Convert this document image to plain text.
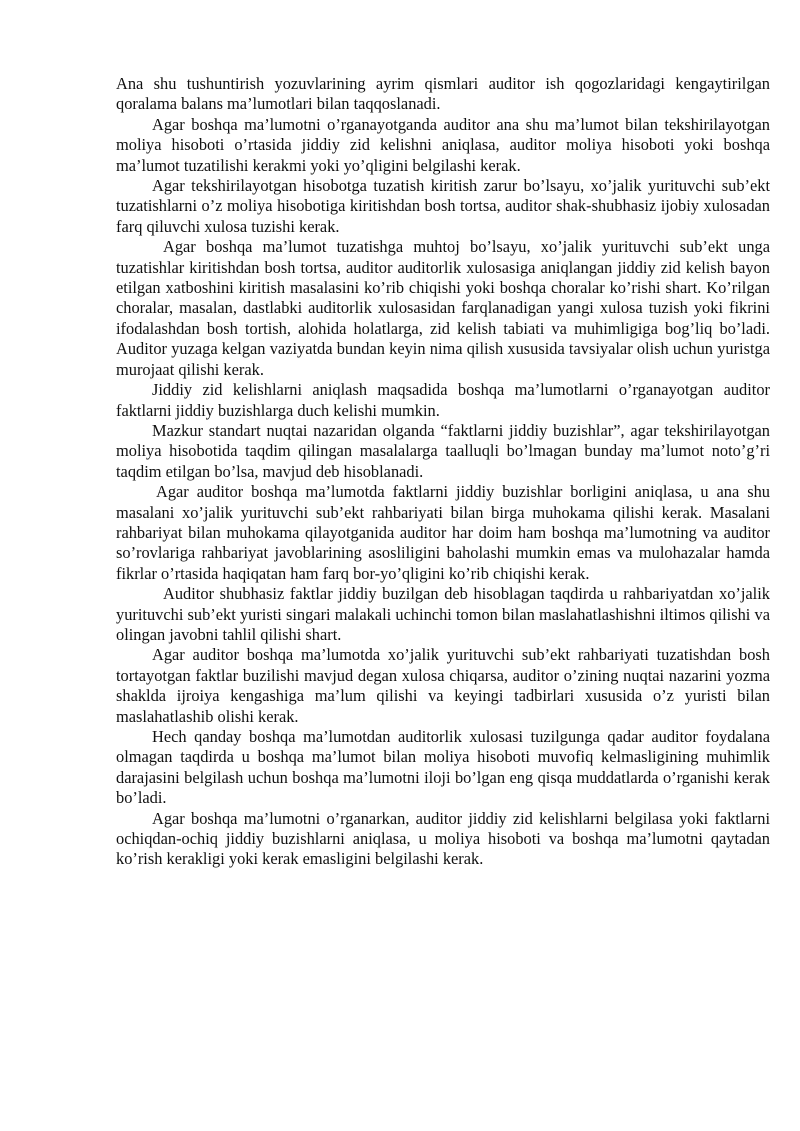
Ana shu tushuntirish yozuvlarining ayrim qismlari auditor ish qogozlaridagi kengaytirilgan qoralama balans ma’lumotlari bilan taqqoslanadi.

Agar boshqa ma’lumotni o’rganayotganda auditor ana shu ma’lumot bilan tekshirilayotgan moliya hisoboti o’rtasida jiddiy zid kelishni aniqlasa, auditor moliya hisoboti yoki boshqa ma’lumot tuzatilishi kerakmi yoki yo’qligini belgilashi kerak.

Agar tekshirilayotgan hisobotga tuzatish kiritish zarur bo’lsayu, xo’jalik yurituvchi sub’ekt tuzatishlarni o’z moliya hisobotiga kiritishdan bosh tortsa, auditor shak-shubhasiz ijobiy xulosadan farq qiluvchi xulosa tuzishi kerak.

Agar boshqa ma’lumot tuzatishga muhtoj bo’lsayu, xo’jalik yurituvchi sub’ekt unga tuzatishlar kiritishdan bosh tortsa, auditor auditorlik xulosasiga aniqlangan jiddiy zid kelish bayon etilgan xatboshini kiritish masalasini ko’rib chiqishi yoki boshqa choralar ko’rishi shart. Ko’rilgan choralar, masalan, dastlabki auditorlik xulosasidan farqlanadigan yangi xulosa tuzish yoki fikrini ifodalashdan bosh tortish, alohida holatlarga, zid kelish tabiati va muhimligiga bog’liq bo’ladi. Auditor yuzaga kelgan vaziyatda bundan keyin nima qilish xususida tavsiyalar olish uchun yuristga murojaat qilishi kerak.

Jiddiy zid kelishlarni aniqlash maqsadida boshqa ma’lumotlarni o’rganayotgan auditor faktlarni jiddiy buzishlarga duch kelishi mumkin.

Mazkur standart nuqtai nazaridan olganda “faktlarni jiddiy buzishlar”, agar tekshirilayotgan moliya hisobotida taqdim qilingan masalalarga taalluqli bo’lmagan bunday ma’lumot noto’g’ri taqdim etilgan bo’lsa, mavjud deb hisoblanadi.

Agar auditor boshqa ma’lumotda faktlarni jiddiy buzishlar borligini aniqlasa, u ana shu masalani xo’jalik yurituvchi sub’ekt rahbariyati bilan birga muhokama qilishi kerak. Masalani rahbariyat bilan muhokama qilayotganida auditor har doim ham boshqa ma’lumotning va auditor so’rovlariga rahbariyat javoblarining asosliligini baholashi mumkin emas va mulohazalar hamda fikrlar o’rtasida haqiqatan ham farq bor-yo’qligini ko’rib chiqishi kerak.

Auditor shubhasiz faktlar jiddiy buzilgan deb hisoblagan taqdirda u rahbariyatdan xo’jalik yurituvchi sub’ekt yuristi singari malakali uchinchi tomon bilan maslahatlashishni iltimos qilishi va olingan javobni tahlil qilishi shart.

Agar auditor boshqa ma’lumotda xo’jalik yurituvchi sub’ekt rahbariyati tuzatishdan bosh tortayotgan faktlar buzilishi mavjud degan xulosa chiqarsa, auditor o’zining nuqtai nazarini yozma shaklda ijroiya kengashiga ma’lum qilishi va keyingi tadbirlari xususida o’z yuristi bilan maslahatlashib olishi kerak.

Hech qanday boshqa ma’lumotdan auditorlik xulosasi tuzilgunga qadar auditor foydalana olmagan taqdirda u boshqa ma’lumot bilan moliya hisoboti muvofiq kelmasligining muhimlik darajasini belgilash uchun boshqa ma’lumotni iloji bo’lgan eng qisqa muddatlarda o’rganishi kerak bo’ladi.

Agar boshqa ma’lumotni o’rganarkan, auditor jiddiy zid kelishlarni belgilasa yoki faktlarni ochiqdan-ochiq jiddiy buzishlarni aniqlasa, u moliya hisoboti va boshqa ma’lumotni qaytadan ko’rish kerakligi yoki kerak emasligini belgilashi kerak.
